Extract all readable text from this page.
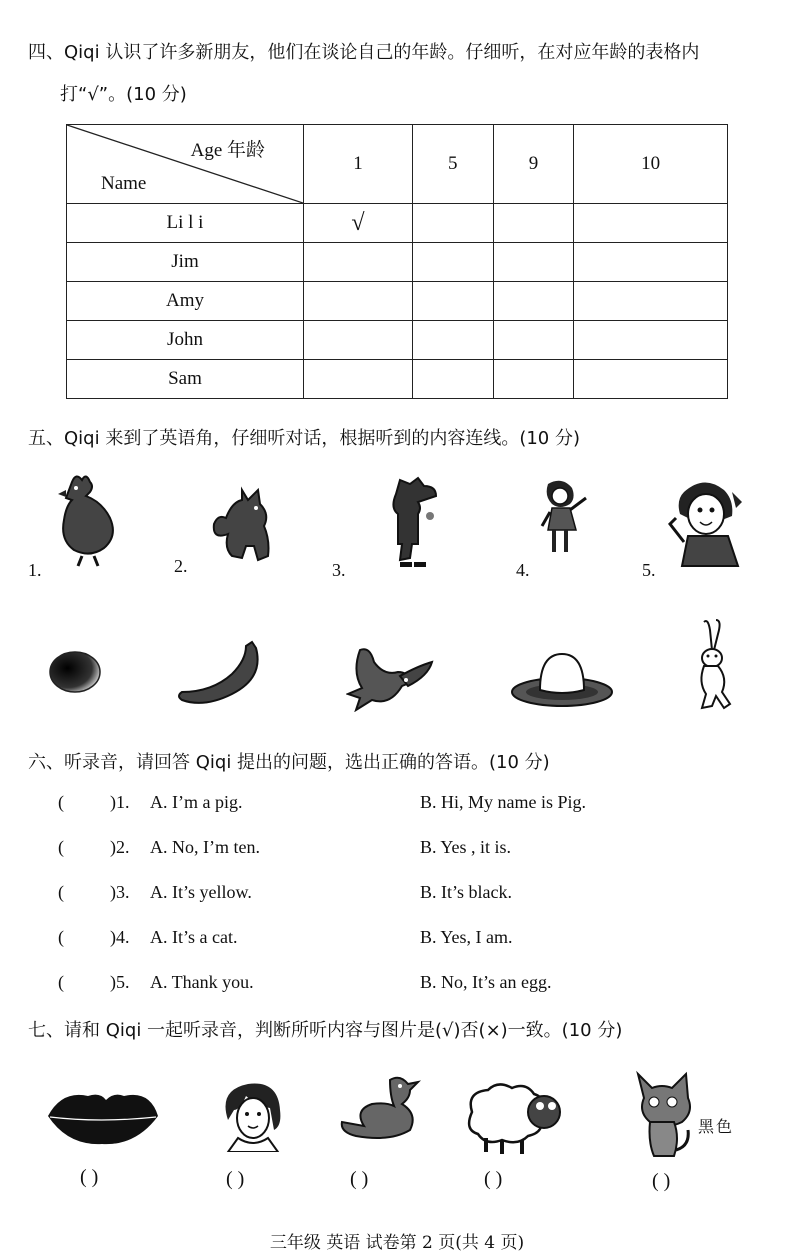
四、Qiqi 认识了许多新朋友，他们在谈论自己的年龄。仔细听，在对应年龄的表格内
打“√”。(10 分)
Age 年龄
Name	1	5	9	10
Li l i	√			
Jim				
Amy				
John				
Sam				
五、Qiqi 来到了英语角，仔细听对话，根据听到的内容连线。(10 分)
1.	2.	3.	4.	5.
六、听录音，请回答 Qiqi 提出的问题，选出正确的答语。(10 分)
(	)1. A. I’m a pig.	B. Hi, My name is Pig.
(	)2. A. No, I’m ten.	B. Yes , it is.
(	)3. A. It’s yellow.	B. It’s black.
(	)4. A. It’s a cat.	B. Yes, I am.
(	)5. A. Thank you.	B. No, It’s an egg.
七、请和 Qiqi 一起听录音，判断所听内容与图片是(√)否(×)一致。(10 分)
黑色
( )	( )	( )	( )	( )
三年级 英语 试卷第 2 页(共 4 页)
